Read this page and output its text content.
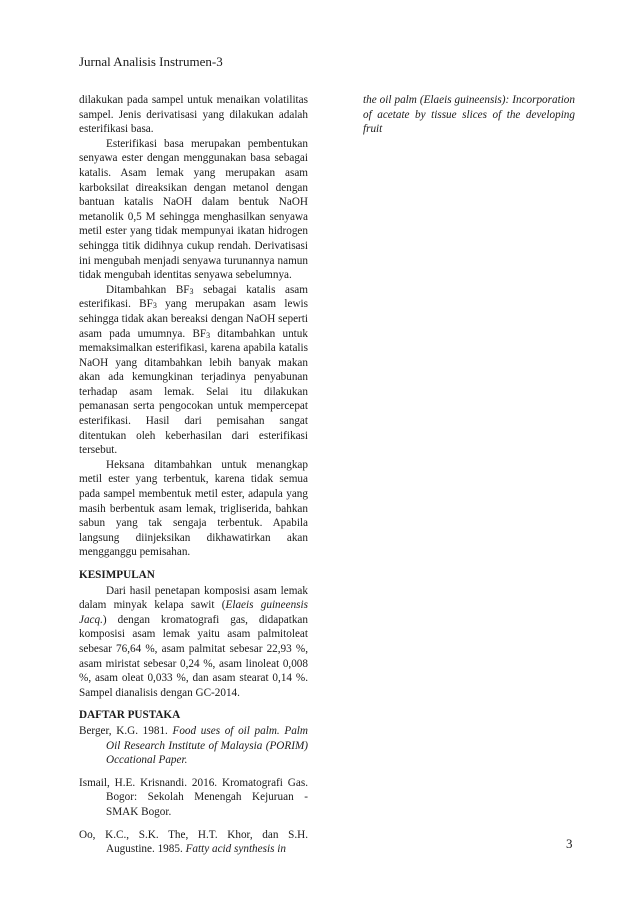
Jurnal Analisis Instrumen-3

dilakukan pada sampel untuk menaikan volatilitas sampel. Jenis derivatisasi yang dilakukan adalah esterifikasi basa.

Esterifikasi basa merupakan pembentukan senyawa ester dengan menggunakan basa sebagai katalis. Asam lemak yang merupakan asam karboksilat direaksikan dengan metanol dengan bantuan katalis NaOH dalam bentuk NaOH metanolik 0,5 M sehingga menghasilkan senyawa metil ester yang tidak mempunyai ikatan hidrogen sehingga titik didihnya cukup rendah. Derivatisasi ini mengubah menjadi senyawa turunannya namun tidak mengubah identitas senyawa sebelumnya.

Ditambahkan $BF_3$ sebagai katalis asam esterifikasi. $BF_3$ yang merupakan asam lewis sehingga tidak akan bereaksi dengan NaOH seperti asam pada umumnya. $BF_3$ ditambahkan untuk memaksimalkan esterifikasi, karena apabila katalis NaOH yang ditambahkan lebih banyak makan akan ada kemungkinan terjadinya penyabunan terhadap asam lemak. Selai itu dilakukan pemanasan serta pengocokan untuk mempercepat esterifikasi. Hasil dari pemisahan sangat ditentukan oleh keberhasilan dari esterifikasi tersebut.

Heksana ditambahkan untuk menangkap metil ester yang terbentuk, karena tidak semua pada sampel membentuk metil ester, adapula yang masih berbentuk asam lemak, trigliserida, bahkan sabun yang tak sengaja terbentuk. Apabila langsung diinjeksikan dikhawatirkan akan mengganggu pemisahan.

KESIMPULAN

Dari hasil penetapan komposisi asam lemak dalam minyak kelapa sawit (Elaeis guineensis Jacq.) dengan kromatografi gas, didapatkan komposisi asam lemak yaitu asam palmitoleat sebesar 76,64 %, asam palmitat sebesar 22,93 %, asam miristat sebesar 0,24 %, asam linoleat 0,008 %, asam oleat 0,033 %, dan asam stearat 0,14 %. Sampel dianalisis dengan GC-2014.

DAFTAR PUSTAKA

Berger, K.G. 1981. Food uses of oil palm. Palm Oil Research Institute of Malaysia (PORIM) Occational Paper.

Ismail, H.E. Krisnandi. 2016. Kromatografi Gas. Bogor: Sekolah Menengah Kejuruan - SMAK Bogor.

Oo, K.C., S.K. The, H.T. Khor, dan S.H. Augustine. 1985. Fatty acid synthesis in

the oil palm (Elaeis guineensis): Incorporation of acetate by tissue slices of the developing fruit

3
